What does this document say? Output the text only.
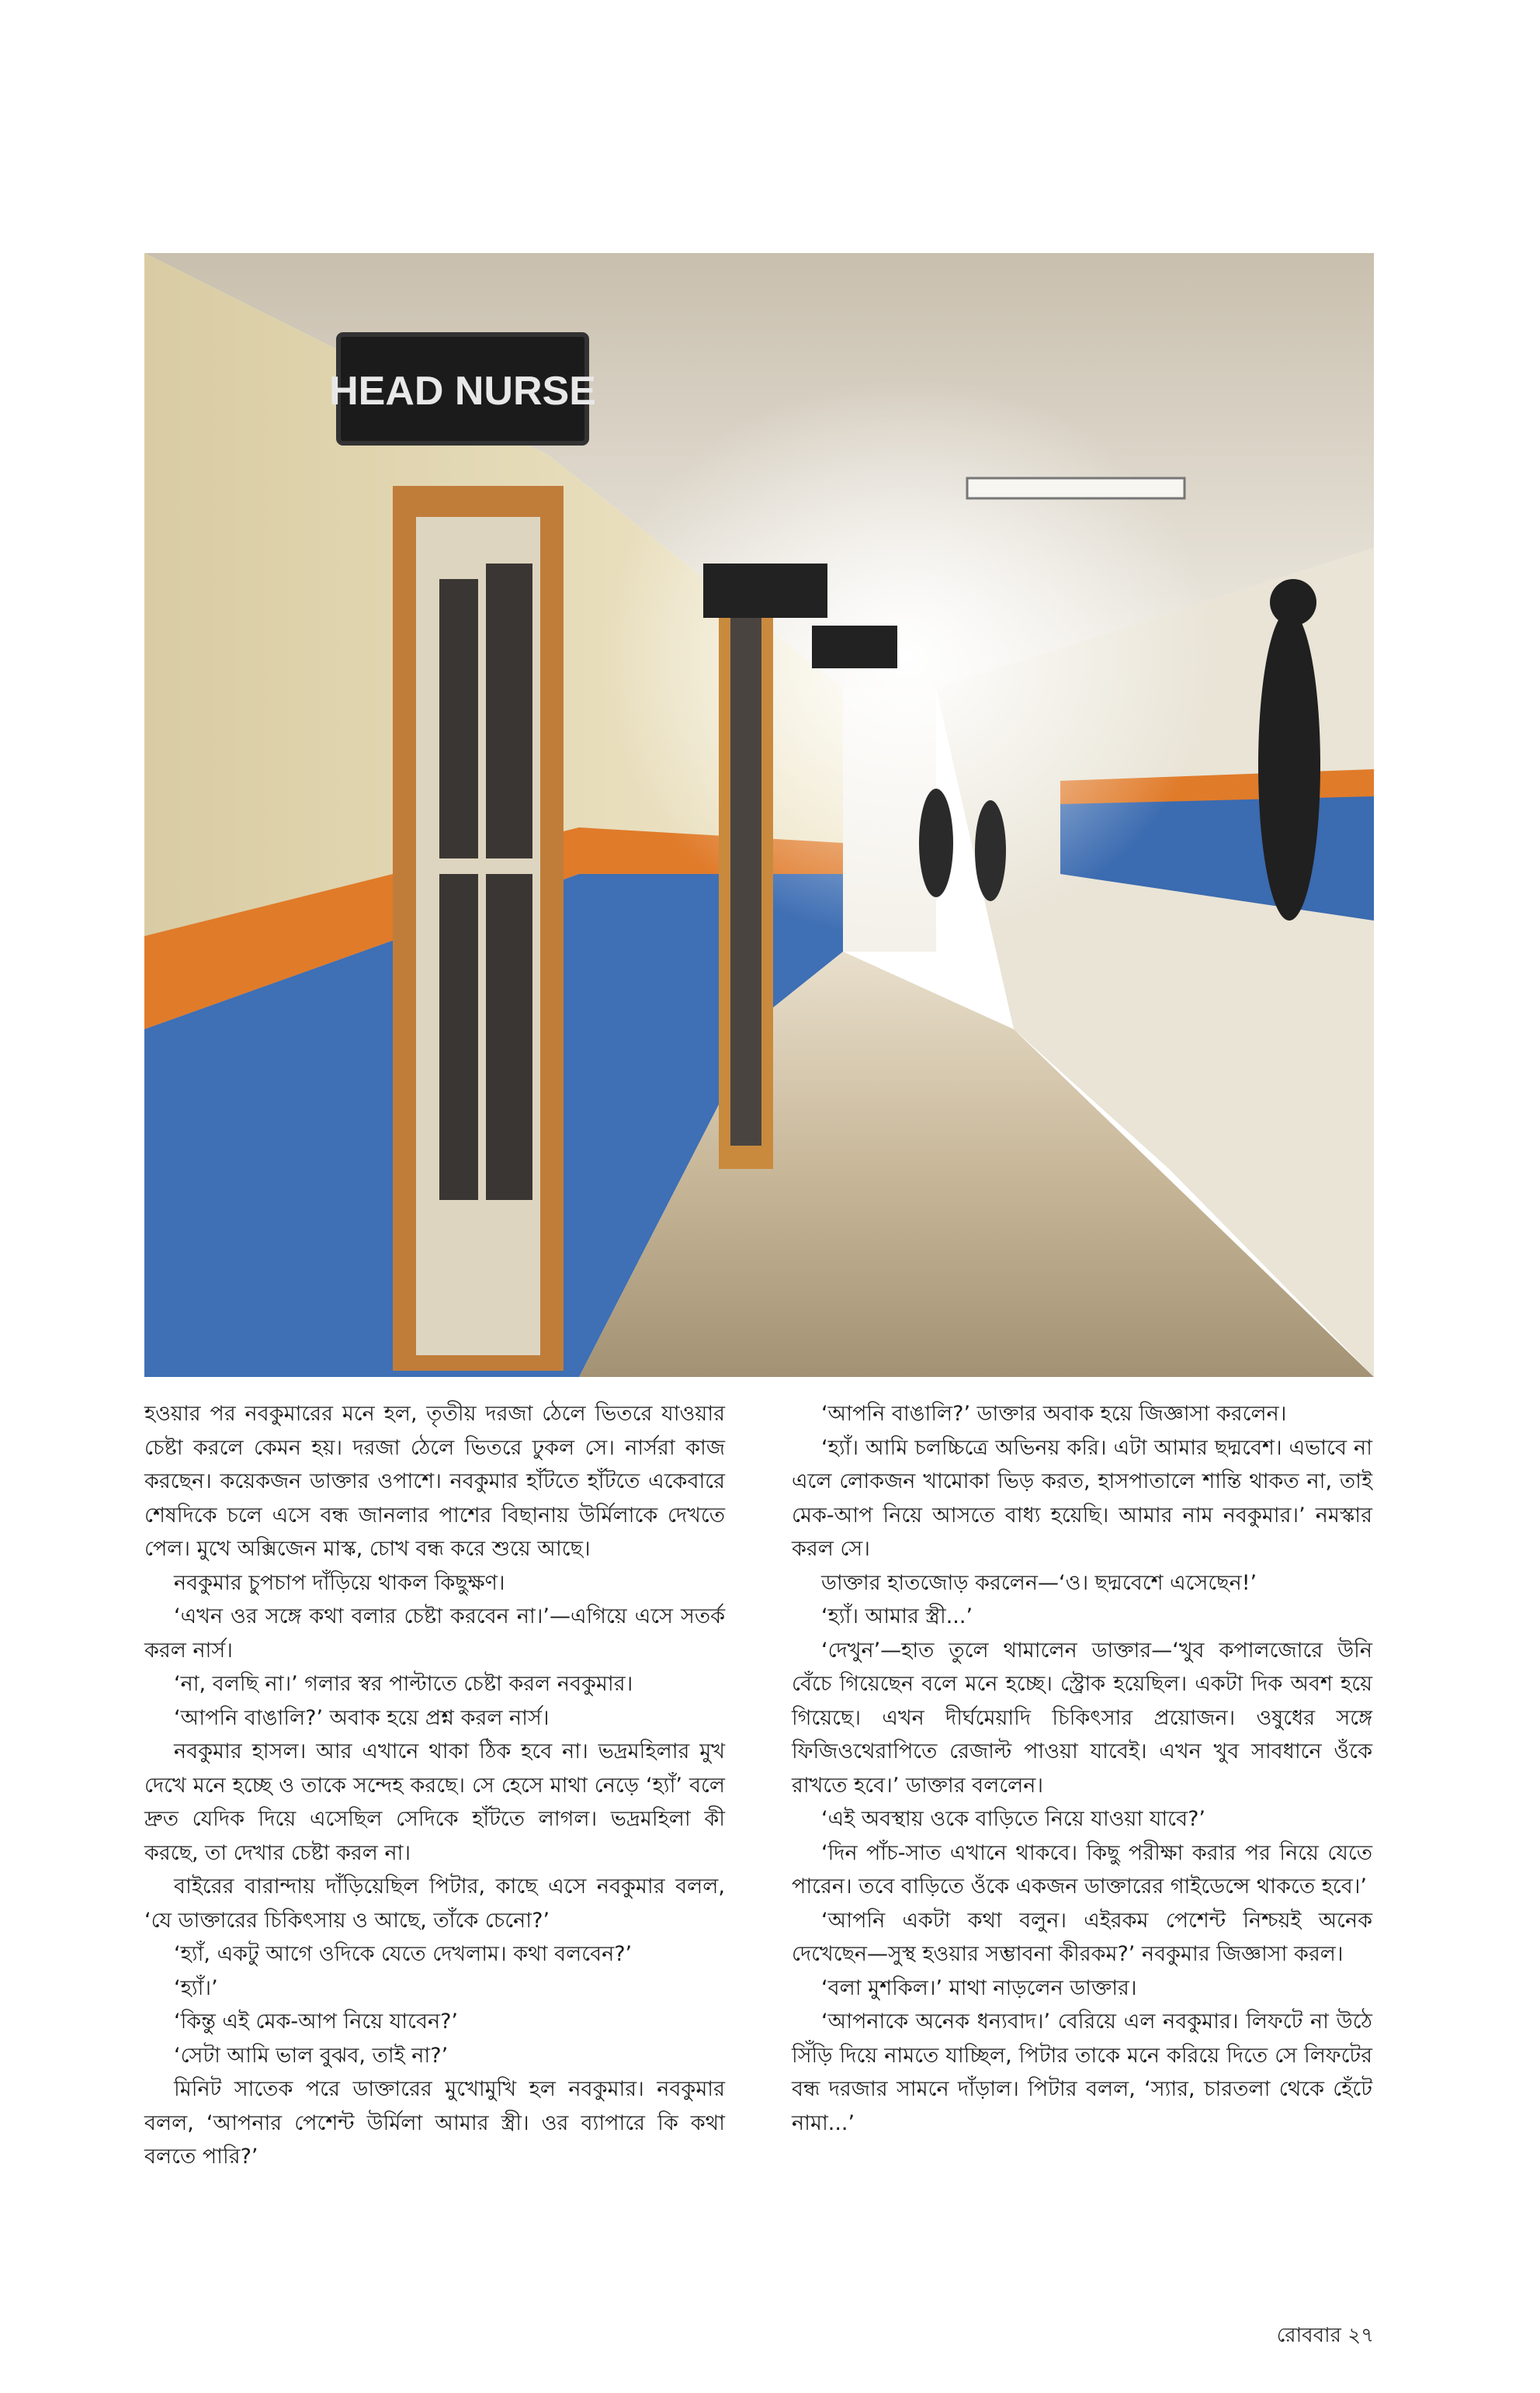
HEAD NURSE

হওয়ার পর নবকুমারের মনে হল, তৃতীয় দরজা ঠেলে ভিতরে যাওয়ার চেষ্টা করলে কেমন হয়। দরজা ঠেলে ভিতরে ঢুকল সে। নার্সরা কাজ করছেন। কয়েকজন ডাক্তার ওপাশে। নবকুমার হাঁটতে হাঁটতে একেবারে শেষদিকে চলে এসে বন্ধ জানলার পাশের বিছানায় উর্মিলাকে দেখতে পেল। মুখে অক্সিজেন মাস্ক, চোখ বন্ধ করে শুয়ে আছে।

নবকুমার চুপচাপ দাঁড়িয়ে থাকল কিছুক্ষণ।

‘এখন ওর সঙ্গে কথা বলার চেষ্টা করবেন না।’—এগিয়ে এসে সতর্ক করল নার্স।

‘না, বলছি না।’ গলার স্বর পাল্টাতে চেষ্টা করল নবকুমার।

‘আপনি বাঙালি?’ অবাক হয়ে প্রশ্ন করল নার্স।

নবকুমার হাসল। আর এখানে থাকা ঠিক হবে না। ভদ্রমহিলার মুখ দেখে মনে হচ্ছে ও তাকে সন্দেহ করছে। সে হেসে মাথা নেড়ে ‘হ্যাঁ’ বলে দ্রুত যেদিক দিয়ে এসেছিল সেদিকে হাঁটতে লাগল। ভদ্রমহিলা কী করছে, তা দেখার চেষ্টা করল না।

বাইরের বারান্দায় দাঁড়িয়েছিল পিটার, কাছে এসে নবকুমার বলল, ‘যে ডাক্তারের চিকিৎসায় ও আছে, তাঁকে চেনো?’

‘হ্যাঁ, একটু আগে ওদিকে যেতে দেখলাম। কথা বলবেন?’

‘হ্যাঁ।’

‘কিন্তু এই মেক-আপ নিয়ে যাবেন?’

‘সেটা আমি ভাল বুঝব, তাই না?’

মিনিট সাতেক পরে ডাক্তারের মুখোমুখি হল নবকুমার। নবকুমার বলল, ‘আপনার পেশেন্ট উর্মিলা আমার স্ত্রী। ওর ব্যাপারে কি কথা বলতে পারি?’

‘আপনি বাঙালি?’ ডাক্তার অবাক হয়ে জিজ্ঞাসা করলেন।

‘হ্যাঁ। আমি চলচ্চিত্রে অভিনয় করি। এটা আমার ছদ্মবেশ। এভাবে না এলে লোকজন খামোকা ভিড় করত, হাসপাতালে শান্তি থাকত না, তাই মেক-আপ নিয়ে আসতে বাধ্য হয়েছি। আমার নাম নবকুমার।’ নমস্কার করল সে।

ডাক্তার হাতজোড় করলেন—‘ও। ছদ্মবেশে এসেছেন!’

‘হ্যাঁ। আমার স্ত্রী...’

‘দেখুন’—হাত তুলে থামালেন ডাক্তার—‘খুব কপালজোরে উনি বেঁচে গিয়েছেন বলে মনে হচ্ছে। স্ট্রোক হয়েছিল। একটা দিক অবশ হয়ে গিয়েছে। এখন দীর্ঘমেয়াদি চিকিৎসার প্রয়োজন। ওষুধের সঙ্গে ফিজিওথেরাপিতে রেজাল্ট পাওয়া যাবেই। এখন খুব সাবধানে ওঁকে রাখতে হবে।’ ডাক্তার বললেন।

‘এই অবস্থায় ওকে বাড়িতে নিয়ে যাওয়া যাবে?’

‘দিন পাঁচ-সাত এখানে থাকবে। কিছু পরীক্ষা করার পর নিয়ে যেতে পারেন। তবে বাড়িতে ওঁকে একজন ডাক্তারের গাইডেন্সে থাকতে হবে।’

‘আপনি একটা কথা বলুন। এইরকম পেশেন্ট নিশ্চয়ই অনেক দেখেছেন—সুস্থ হওয়ার সম্ভাবনা কীরকম?’ নবকুমার জিজ্ঞাসা করল।

‘বলা মুশকিল।’ মাথা নাড়লেন ডাক্তার।

‘আপনাকে অনেক ধন্যবাদ।’ বেরিয়ে এল নবকুমার। লিফটে না উঠে সিঁড়ি দিয়ে নামতে যাচ্ছিল, পিটার তাকে মনে করিয়ে দিতে সে লিফটের বন্ধ দরজার সামনে দাঁড়াল। পিটার বলল, ‘স্যার, চারতলা থেকে হেঁটে নামা...’

রোববার ২৭
